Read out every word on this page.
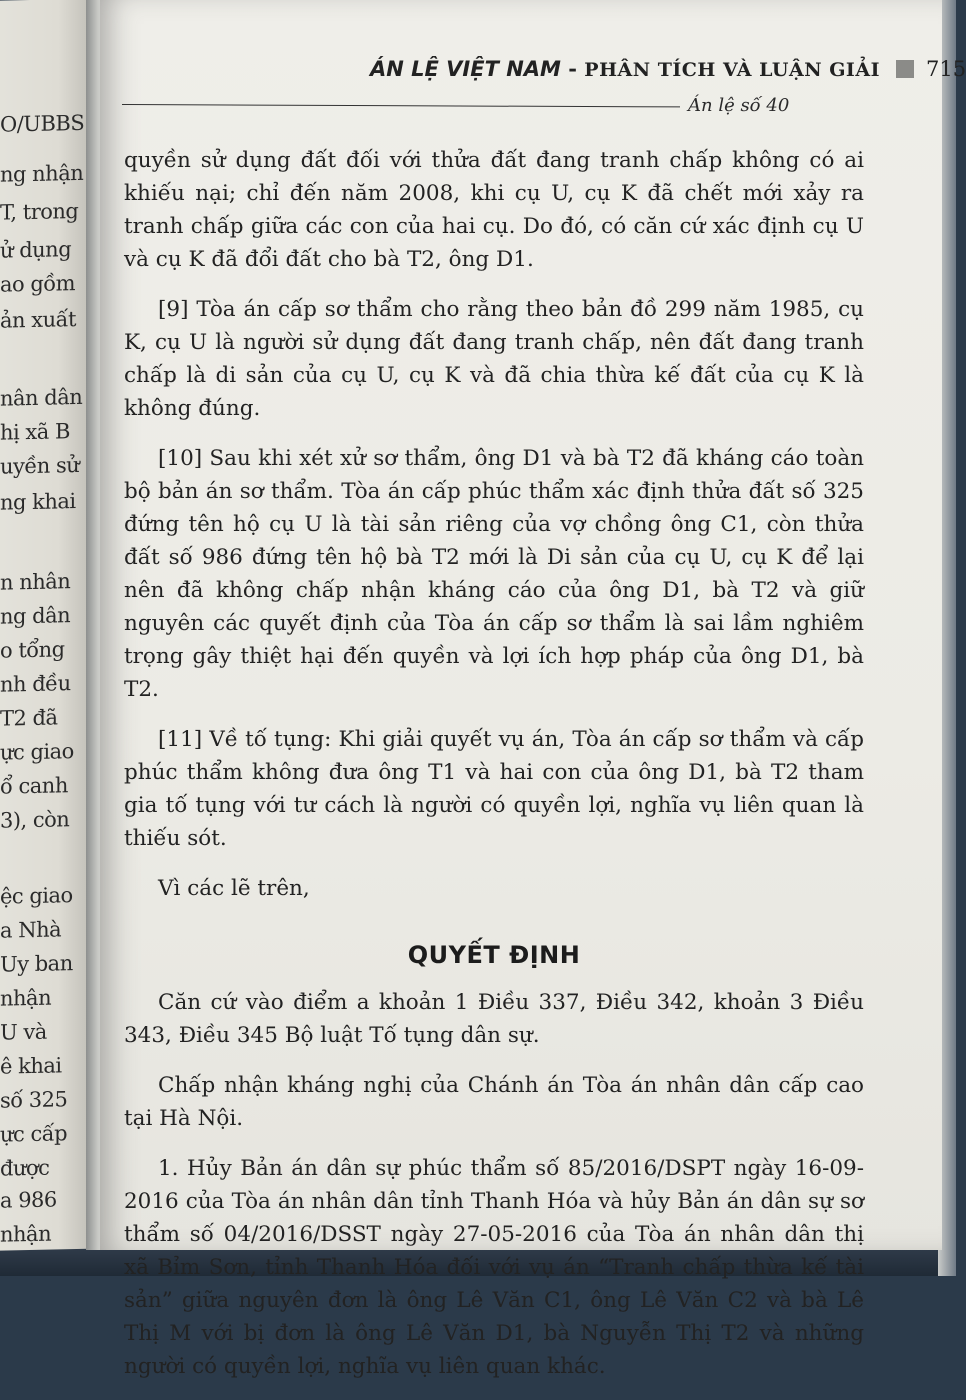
O/UBBS
ng nhận
T, trong
ử dụng
ao gồm
ản xuất
nân dân
hị xã B
uyền sử
ng khai
n nhân
ng dân
o tổng
nh đều
T2 đã
ực giao
ổ canh
3), còn
ệc giao
a Nhà
Uy ban
nhận
U và
ê khai
số 325
ực cấp
được
a 986
nhận
ÁN LỆ VIỆT NAM - PHÂN TÍCH VÀ LUẬN GIẢI 715
Án lệ số 40

quyền sử dụng đất đối với thửa đất đang tranh chấp không có ai khiếu nại; chỉ đến năm 2008, khi cụ U, cụ K đã chết mới xảy ra tranh chấp giữa các con của hai cụ. Do đó, có căn cứ xác định cụ U và cụ K đã đổi đất cho bà T2, ông D1.

[9] Tòa án cấp sơ thẩm cho rằng theo bản đồ 299 năm 1985, cụ K, cụ U là người sử dụng đất đang tranh chấp, nên đất đang tranh chấp là di sản của cụ U, cụ K và đã chia thừa kế đất của cụ K là không đúng.

[10] Sau khi xét xử sơ thẩm, ông D1 và bà T2 đã kháng cáo toàn bộ bản án sơ thẩm. Tòa án cấp phúc thẩm xác định thửa đất số 325 đứng tên hộ cụ U là tài sản riêng của vợ chồng ông C1, còn thửa đất số 986 đứng tên hộ bà T2 mới là Di sản của cụ U, cụ K để lại nên đã không chấp nhận kháng cáo của ông D1, bà T2 và giữ nguyên các quyết định của Tòa án cấp sơ thẩm là sai lầm nghiêm trọng gây thiệt hại đến quyền và lợi ích hợp pháp của ông D1, bà T2.

[11] Về tố tụng: Khi giải quyết vụ án, Tòa án cấp sơ thẩm và cấp phúc thẩm không đưa ông T1 và hai con của ông D1, bà T2 tham gia tố tụng với tư cách là người có quyền lợi, nghĩa vụ liên quan là thiếu sót.

Vì các lẽ trên,

QUYẾT ĐỊNH

Căn cứ vào điểm a khoản 1 Điều 337, Điều 342, khoản 3 Điều 343, Điều 345 Bộ luật Tố tụng dân sự.

Chấp nhận kháng nghị của Chánh án Tòa án nhân dân cấp cao tại Hà Nội.

1. Hủy Bản án dân sự phúc thẩm số 85/2016/DSPT ngày 16-09-2016 của Tòa án nhân dân tỉnh Thanh Hóa và hủy Bản án dân sự sơ thẩm số 04/2016/DSST ngày 27-05-2016 của Tòa án nhân dân thị xã Bỉm Sơn, tỉnh Thanh Hóa đối với vụ án “Tranh chấp thừa kế tài sản” giữa nguyên đơn là ông Lê Văn C1, ông Lê Văn C2 và bà Lê Thị M với bị đơn là ông Lê Văn D1, bà Nguyễn Thị T2 và những người có quyền lợi, nghĩa vụ liên quan khác.
